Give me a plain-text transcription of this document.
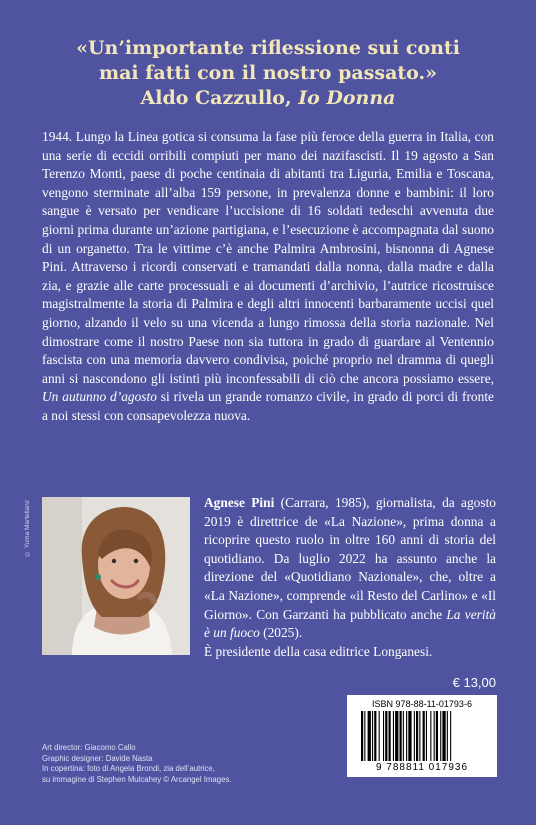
«Un’importante riflessione sui conti
mai fatti con il nostro passato.»
Aldo Cazzullo, Io Donna

1944. Lungo la Linea gotica si consuma la fase più feroce della guerra in Italia, con una serie di eccidi orribili compiuti per mano dei nazifascisti. Il 19 agosto a San Terenzo Monti, paese di poche centinaia di abitanti tra Liguria, Emilia e Toscana, vengono sterminate all’alba 159 persone, in prevalenza donne e bambini: il loro sangue è versato per vendicare l’uccisione di 16 soldati tedeschi avvenuta due giorni prima durante un’azione partigiana, e l’esecuzione è accompagnata dal suono di un organetto. Tra le vittime c’è anche Palmira Ambrosini, bisnonna di Agnese Pini. Attraverso i ricordi conservati e tramandati dalla nonna, dalla madre e dalla zia, e grazie alle carte processuali e ai documenti d’archivio, l’autrice ricostruisce magistralmente la storia di Palmira e degli altri innocenti barbaramente uccisi quel giorno, alzando il velo su una vicenda a lungo rimossa della storia nazionale. Nel dimostrare come il nostro Paese non sia tuttora in grado di guardare al Ventennio fascista con una memoria davvero condivisa, poiché proprio nel dramma di quegli anni si nascondono gli istinti più inconfessabili di ciò che ancora possiamo essere, Un autunno d’agosto si rivela un grande romanzo civile, in grado di porci di fronte a noi stessi con consapevolezza nuova.

© Yuma Martellanz	Agnese Pini (Carrara, 1985), giornalista, da agosto 2019 è direttrice de «La Nazione», prima donna a ricoprire questo ruolo in oltre 160 anni di storia del quotidiano. Da luglio 2022 ha assunto anche la direzione del «Quotidiano Nazionale», che, oltre a «La Nazione», comprende «il Resto del Carlino» e «Il Giorno». Con Garzanti ha pubblicato anche La verità è un fuoco (2025).
È presidente della casa editrice Longanesi.
€ 13,00
ISBN 978-88-11-01793-6
9 788811 017936
Art director: Giacomo Callo
Graphic designer: Davide Nasta
In copertina: foto di Angela Brondi, zia dell’autrice,
su immagine di Stephen Mulcahey © Arcangel Images.
